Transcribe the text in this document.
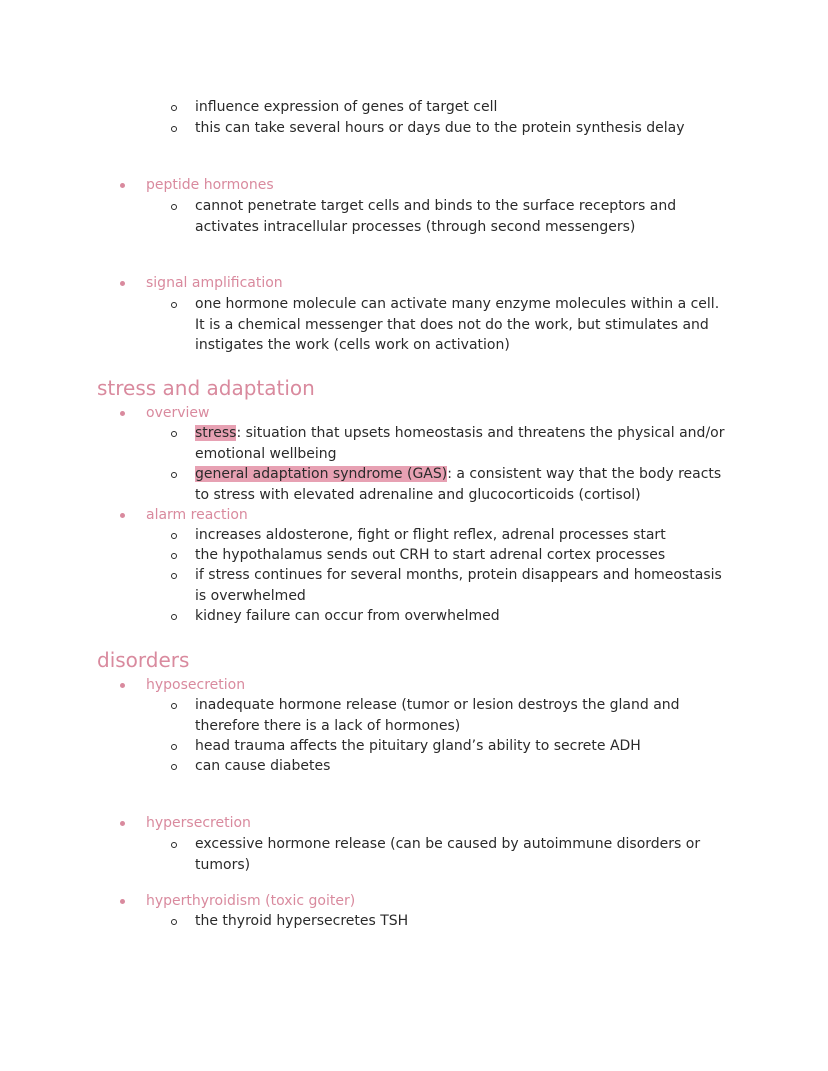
influence expression of genes of target cell
this can take several hours or days due to the protein synthesis delay
peptide hormones
cannot penetrate target cells and binds to the surface receptors and activates intracellular processes (through second messengers)
signal amplification
one hormone molecule can activate many enzyme molecules within a cell. It is a chemical messenger that does not do the work, but stimulates and instigates the work (cells work on activation)
stress and adaptation
overview
stress: situation that upsets homeostasis and threatens the physical and/or emotional wellbeing
general adaptation syndrome (GAS): a consistent way that the body reacts to stress with elevated adrenaline and glucocorticoids (cortisol)
alarm reaction
increases aldosterone, fight or flight reflex, adrenal processes start
the hypothalamus sends out CRH to start adrenal cortex processes
if stress continues for several months, protein disappears and homeostasis is overwhelmed
kidney failure can occur from overwhelmed
disorders
hyposecretion
inadequate hormone release (tumor or lesion destroys the gland and therefore there is a lack of hormones)
head trauma affects the pituitary gland’s ability to secrete ADH
can cause diabetes
hypersecretion
excessive hormone release (can be caused by autoimmune disorders or tumors)
hyperthyroidism (toxic goiter)
the thyroid hypersecretes TSH
